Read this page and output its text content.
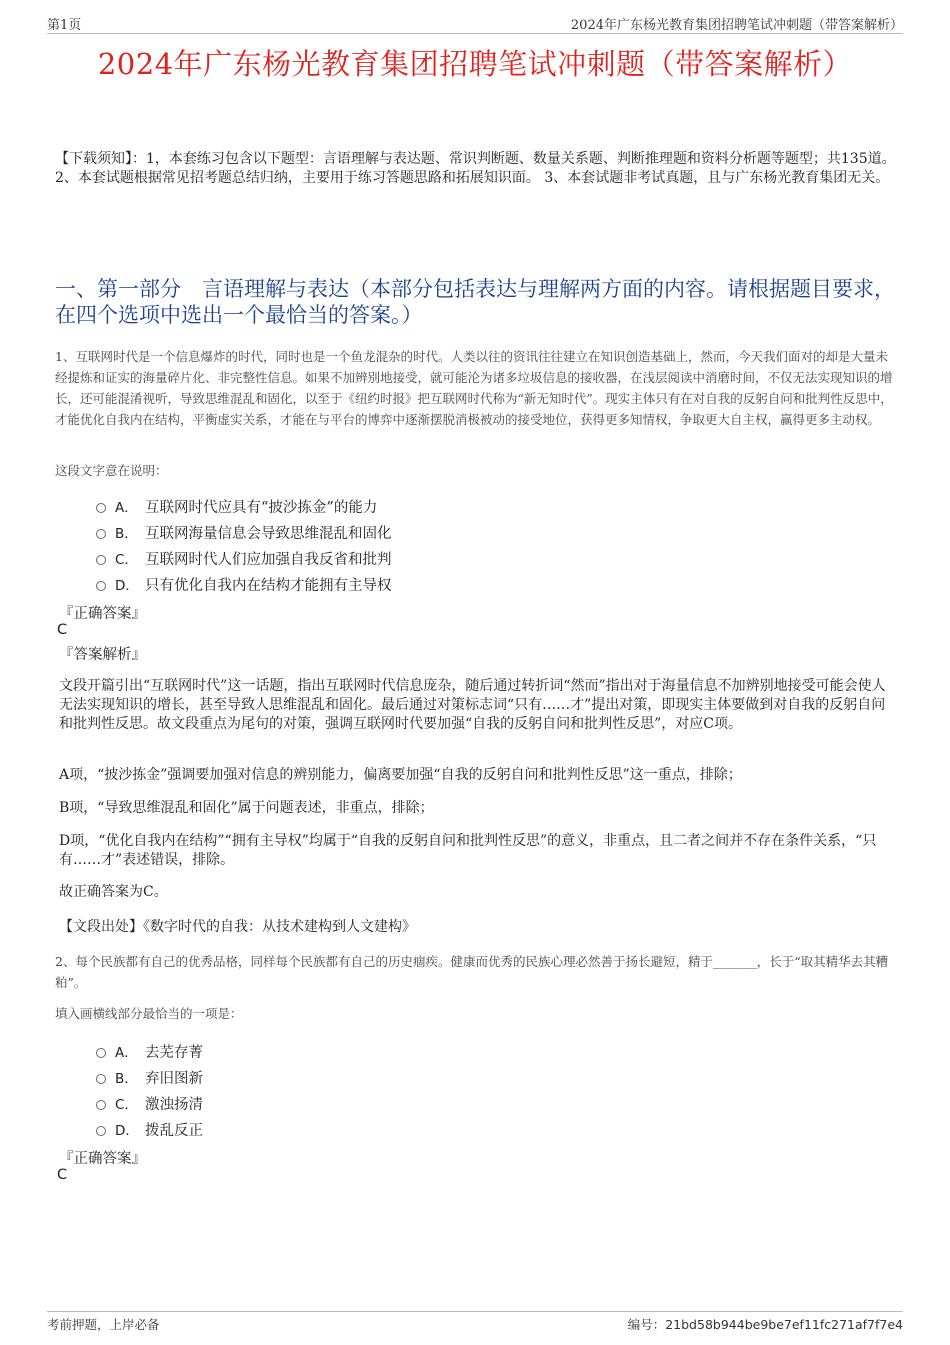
第1页	2024年广东杨光教育集团招聘笔试冲刺题（带答案解析）
2024年广东杨光教育集团招聘笔试冲刺题（带答案解析）
【下载须知】：1，本套练习包含以下题型：言语理解与表达题、常识判断题、数量关系题、判断推理题和资料分析题等题型；共135道。 2、本套试题根据常见招考题总结归纳，主要用于练习答题思路和拓展知识面。 3、本套试题非考试真题，且与广东杨光教育集团无关。
一、第一部分　言语理解与表达（本部分包括表达与理解两方面的内容。请根据题目要求，在四个选项中选出一个最恰当的答案。）
1、互联网时代是一个信息爆炸的时代，同时也是一个鱼龙混杂的时代。人类以往的资讯往往建立在知识创造基础上，然而，今天我们面对的却是大量未经提炼和证实的海量碎片化、非完整性信息。如果不加辨别地接受，就可能沦为诸多垃圾信息的接收器，在浅层阅读中消磨时间，不仅无法实现知识的增长，还可能混淆视听，导致思维混乱和固化，以至于《纽约时报》把互联网时代称为“新无知时代”。现实主体只有在对自我的反躬自问和批判性反思中，才能优化自我内在结构，平衡虚实关系，才能在与平台的博弈中逐渐摆脱消极被动的接受地位，获得更多知情权，争取更大自主权，赢得更多主动权。
这段文字意在说明：
A． 互联网时代应具有“披沙拣金”的能力
B． 互联网海量信息会导致思维混乱和固化
C． 互联网时代人们应加强自我反省和批判
D． 只有优化自我内在结构才能拥有主导权
『正确答案』
C
『答案解析』
文段开篇引出“互联网时代”这一话题，指出互联网时代信息庞杂，随后通过转折词“然而”指出对于海量信息不加辨别地接受可能会使人无法实现知识的增长，甚至导致人思维混乱和固化。最后通过对策标志词“只有……才”提出对策，即现实主体要做到对自我的反躬自问和批判性反思。故文段重点为尾句的对策，强调互联网时代要加强“自我的反躬自问和批判性反思”，对应C项。
A项，“披沙拣金”强调要加强对信息的辨别能力，偏离要加强“自我的反躬自问和批判性反思”这一重点，排除；
B项，“导致思维混乱和固化”属于问题表述，非重点，排除；
D项，“优化自我内在结构”“拥有主导权”均属于“自我的反躬自问和批判性反思”的意义，非重点，且二者之间并不存在条件关系，“只有……才”表述错误，排除。
故正确答案为C。
【文段出处】《数字时代的自我：从技术建构到人文建构》
2、每个民族都有自己的优秀品格，同样每个民族都有自己的历史痼疾。健康而优秀的民族心理必然善于扬长避短，精于_______，长于“取其精华去其糟粕”。
填入画横线部分最恰当的一项是：
A． 去芜存菁
B． 弃旧图新
C． 激浊扬清
D． 拨乱反正
『正确答案』
C
考前押题，上岸必备	编号：21bd58b944be9be7ef11fc271af7f7e4
